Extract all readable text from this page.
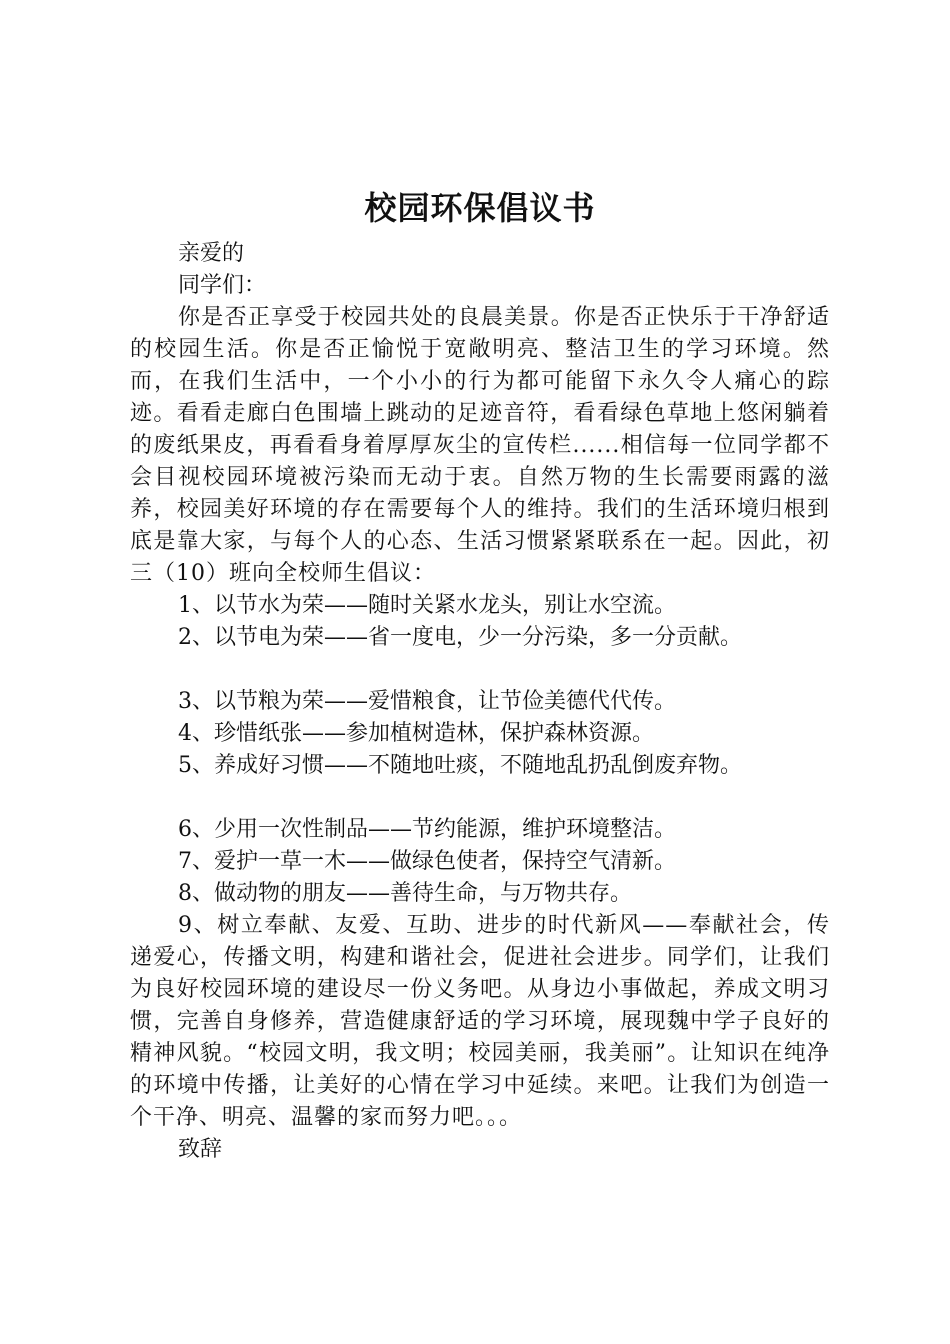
校园环保倡议书

亲爱的

同学们：

你是否正享受于校园共处的良晨美景。你是否正快乐于干净舒适的校园生活。你是否正愉悦于宽敞明亮、整洁卫生的学习环境。然而，在我们生活中，一个小小的行为都可能留下永久令人痛心的踪迹。看看走廊白色围墙上跳动的足迹音符，看看绿色草地上悠闲躺着的废纸果皮，再看看身着厚厚灰尘的宣传栏......相信每一位同学都不会目视校园环境被污染而无动于衷。自然万物的生长需要雨露的滋养，校园美好环境的存在需要每个人的维持。我们的生活环境归根到底是靠大家，与每个人的心态、生活习惯紧紧联系在一起。因此，初三（10）班向全校师生倡议：

1、以节水为荣——随时关紧水龙头，别让水空流。

2、以节电为荣——省一度电，少一分污染，多一分贡献。

3、以节粮为荣——爱惜粮食，让节俭美德代代传。

4、珍惜纸张——参加植树造林，保护森林资源。

5、养成好习惯——不随地吐痰，不随地乱扔乱倒废弃物。

6、少用一次性制品——节约能源，维护环境整洁。

7、爱护一草一木——做绿色使者，保持空气清新。

8、做动物的朋友——善待生命，与万物共存。

9、树立奉献、友爱、互助、进步的时代新风——奉献社会，传递爱心，传播文明，构建和谐社会，促进社会进步。同学们，让我们为良好校园环境的建设尽一份义务吧。从身边小事做起，养成文明习惯，完善自身修养，营造健康舒适的学习环境，展现魏中学子良好的精神风貌。“校园文明，我文明；校园美丽，我美丽”。让知识在纯净的环境中传播，让美好的心情在学习中延续。来吧。让我们为创造一个干净、明亮、温馨的家而努力吧。。。

致辞
